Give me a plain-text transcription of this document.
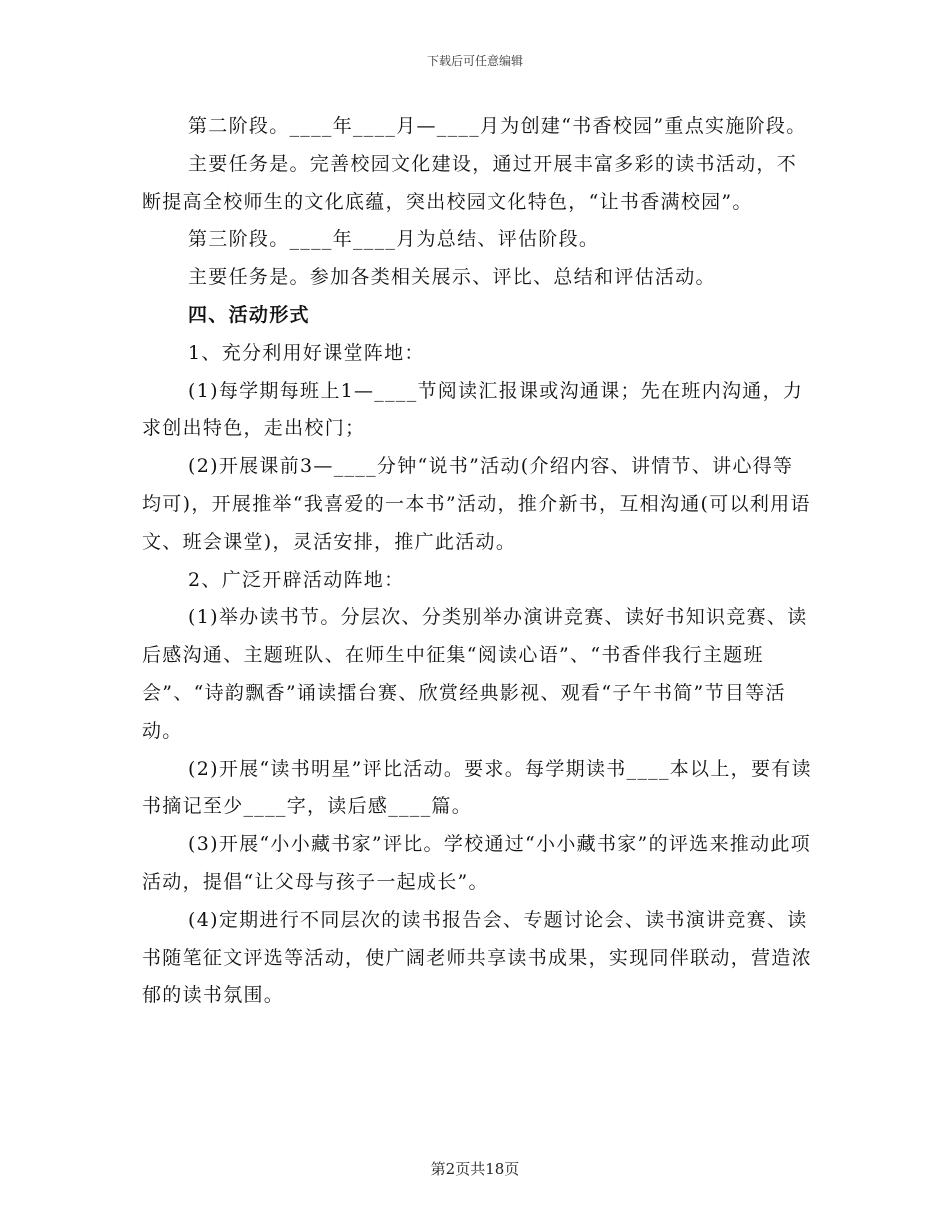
下载后可任意编辑

第二阶段。____年____月—____月为创建“书香校园”重点实施阶段。

主要任务是。完善校园文化建设，通过开展丰富多彩的读书活动，不断提高全校师生的文化底蕴，突出校园文化特色，“让书香满校园”。

第三阶段。____年____月为总结、评估阶段。

主要任务是。参加各类相关展示、评比、总结和评估活动。

四、活动形式

1、充分利用好课堂阵地：

(1)每学期每班上1—____节阅读汇报课或沟通课；先在班内沟通，力求创出特色，走出校门；

(2)开展课前3—____分钟“说书”活动(介绍内容、讲情节、讲心得等均可)，开展推举“我喜爱的一本书”活动，推介新书，互相沟通(可以利用语文、班会课堂)，灵活安排，推广此活动。

2、广泛开辟活动阵地：

(1)举办读书节。分层次、分类别举办演讲竞赛、读好书知识竞赛、读后感沟通、主题班队、在师生中征集“阅读心语”、“书香伴我行主题班会”、“诗韵飘香”诵读擂台赛、欣赏经典影视、观看“子午书简”节目等活动。

(2)开展“读书明星”评比活动。要求。每学期读书____本以上，要有读书摘记至少____字，读后感____篇。

(3)开展“小小藏书家”评比。学校通过“小小藏书家”的评选来推动此项活动，提倡“让父母与孩子一起成长”。

(4)定期进行不同层次的读书报告会、专题讨论会、读书演讲竞赛、读书随笔征文评选等活动，使广阔老师共享读书成果，实现同伴联动，营造浓郁的读书氛围。

第2页共18页
